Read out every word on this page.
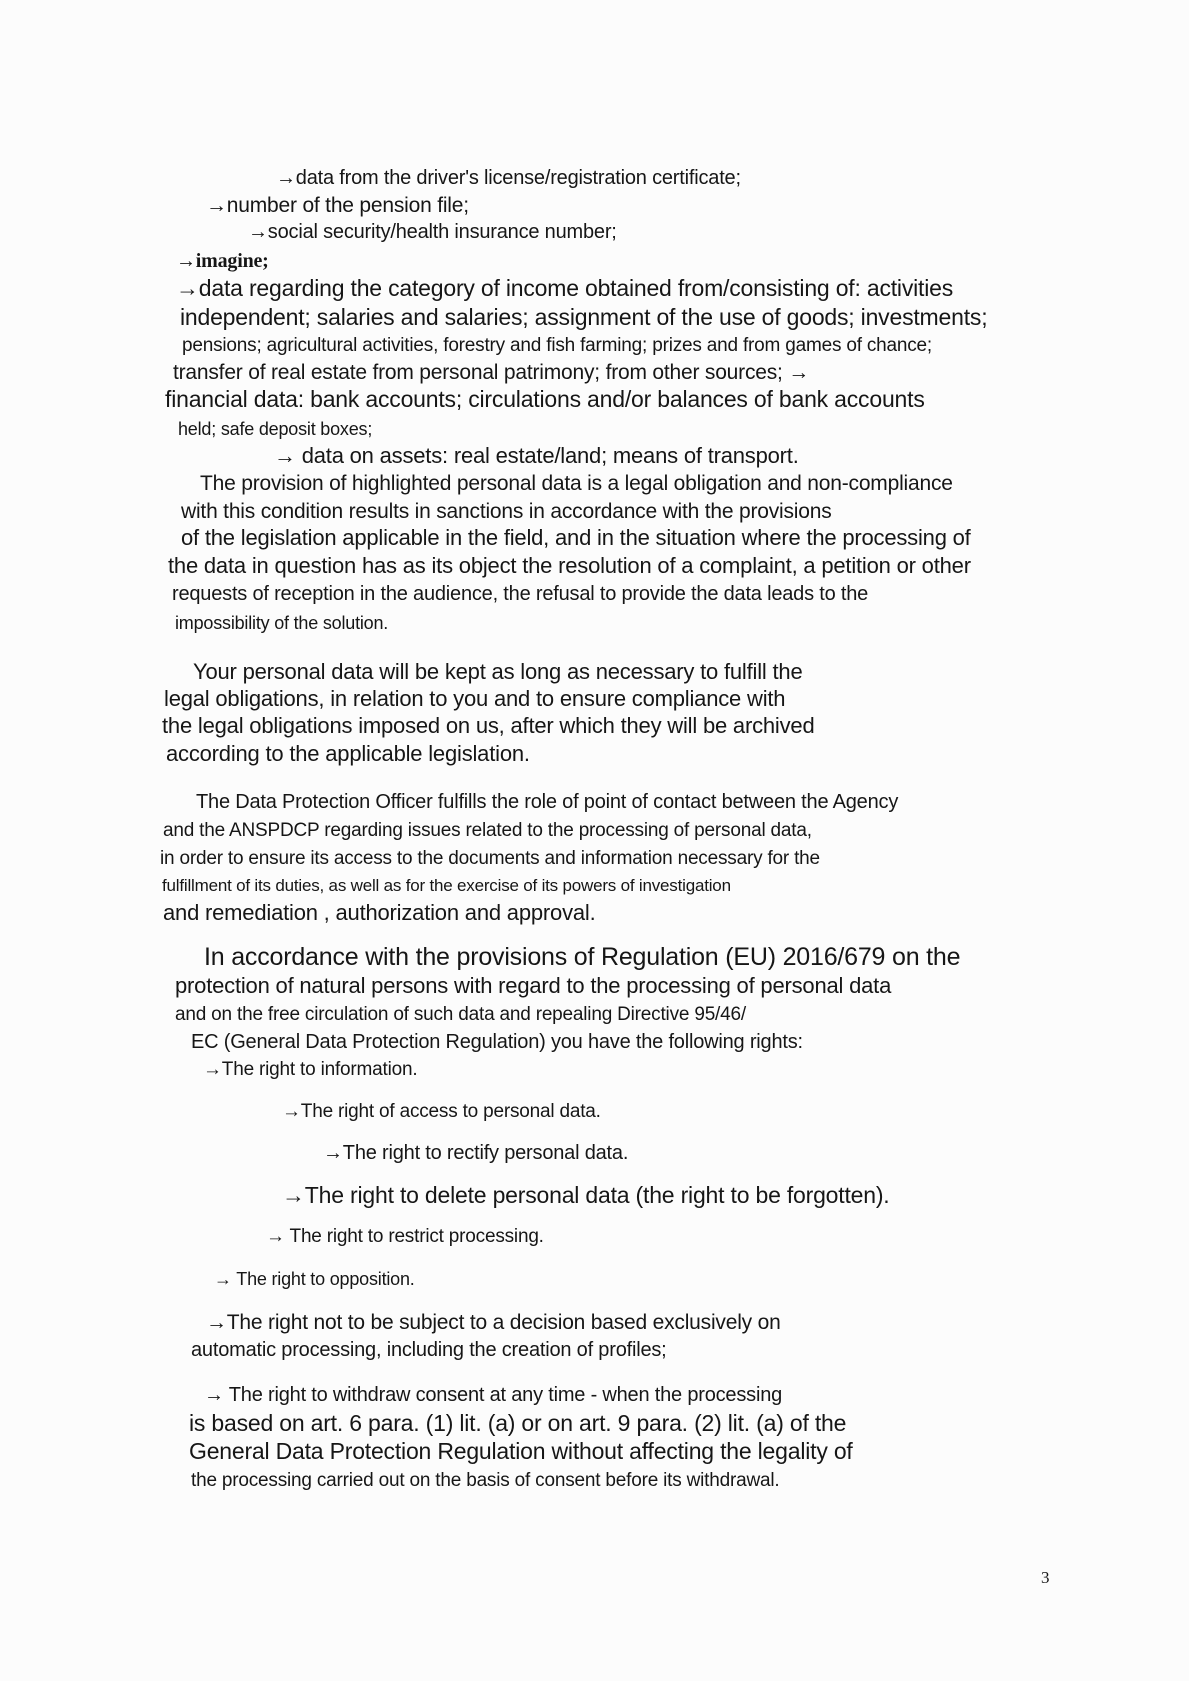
→data from the driver's license/registration certificate;
→number of the pension file;
→social security/health insurance number;
→imagine;
→data regarding the category of income obtained from/consisting of: activities
independent; salaries and salaries; assignment of the use of goods; investments;
pensions; agricultural activities, forestry and fish farming; prizes and from games of chance;
transfer of real estate from personal patrimony; from other sources; →
financial data: bank accounts; circulations and/or balances of bank accounts
held; safe deposit boxes;
→ data on assets: real estate/land; means of transport.
The provision of highlighted personal data is a legal obligation and non-compliance
with this condition results in sanctions in accordance with the provisions
of the legislation applicable in the field, and in the situation where the processing of
the data in question has as its object the resolution of a complaint, a petition or other
requests of reception in the audience, the refusal to provide the data leads to the
impossibility of the solution.
Your personal data will be kept as long as necessary to fulfill the
legal obligations, in relation to you and to ensure compliance with
the legal obligations imposed on us, after which they will be archived
according to the applicable legislation.
The Data Protection Officer fulfills the role of point of contact between the Agency
and the ANSPDCP regarding issues related to the processing of personal data,
in order to ensure its access to the documents and information necessary for the
fulfillment of its duties, as well as for the exercise of its powers of investigation
and remediation , authorization and approval.
In accordance with the provisions of Regulation (EU) 2016/679 on the
protection of natural persons with regard to the processing of personal data
and on the free circulation of such data and repealing Directive 95/46/
EC (General Data Protection Regulation) you have the following rights:
→The right to information.
→The right of access to personal data.
→The right to rectify personal data.
→The right to delete personal data (the right to be forgotten).
→ The right to restrict processing.
→ The right to opposition.
→The right not to be subject to a decision based exclusively on
automatic processing, including the creation of profiles;
→ The right to withdraw consent at any time - when the processing
is based on art. 6 para. (1) lit. (a) or on art. 9 para. (2) lit. (a) of the
General Data Protection Regulation without affecting the legality of
the processing carried out on the basis of consent before its withdrawal.
3
